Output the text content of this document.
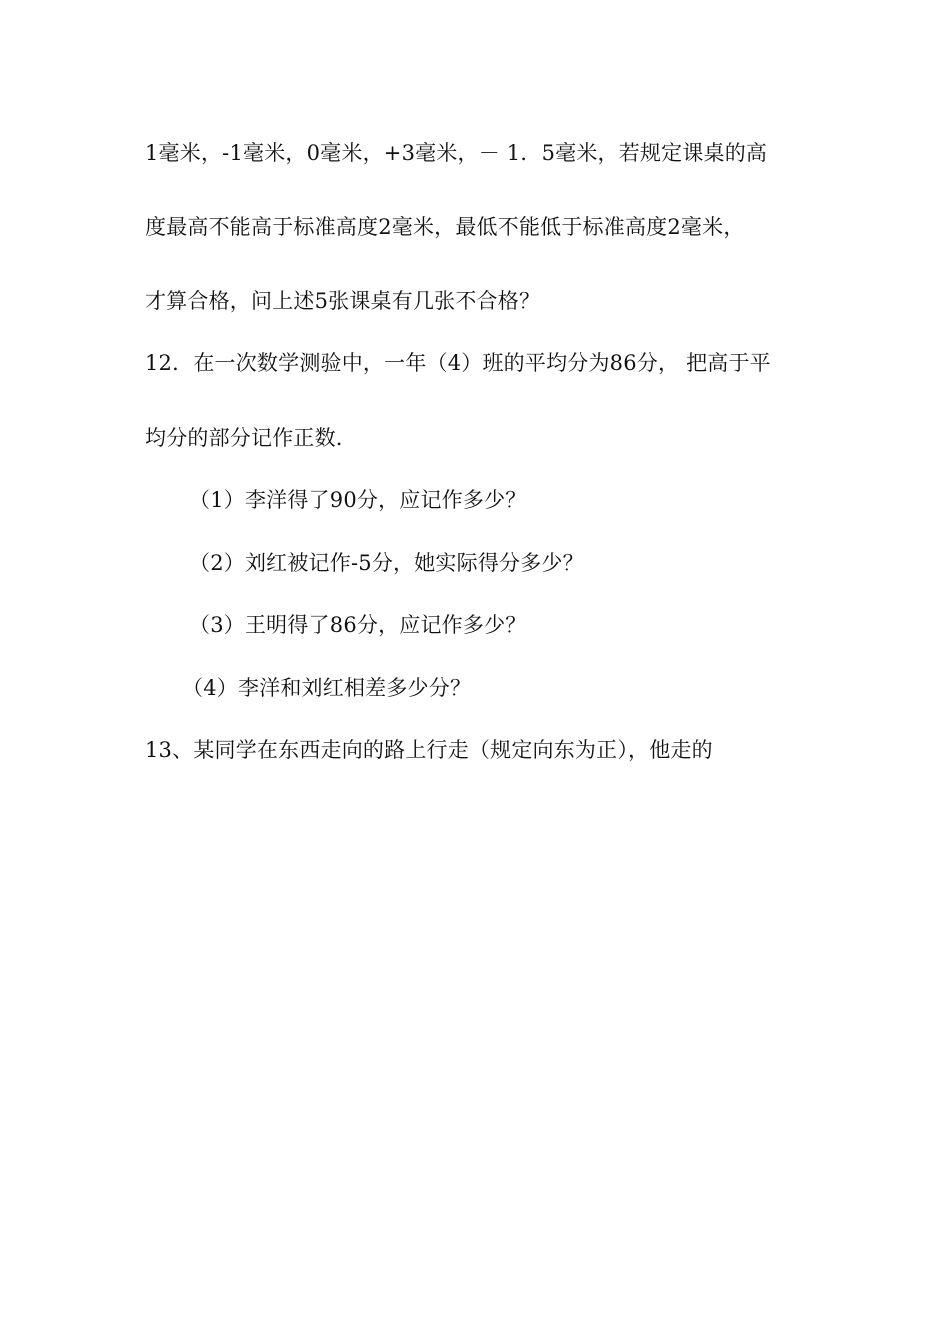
1毫米，-1毫米，0毫米，+3毫米，－ 1．5毫米，若规定课桌的高
度最高不能高于标准高度2毫米，最低不能低于标准高度2毫米，
才算合格，问上述5张课桌有几张不合格？
12．在一次数学测验中，一年（4）班的平均分为86分， 把高于平
均分的部分记作正数.
（1）李洋得了90分，应记作多少？
（2）刘红被记作-5分，她实际得分多少？
（3）王明得了86分，应记作多少？
（4）李洋和刘红相差多少分？
13、某同学在东西走向的路上行走（规定向东为正），他走的
